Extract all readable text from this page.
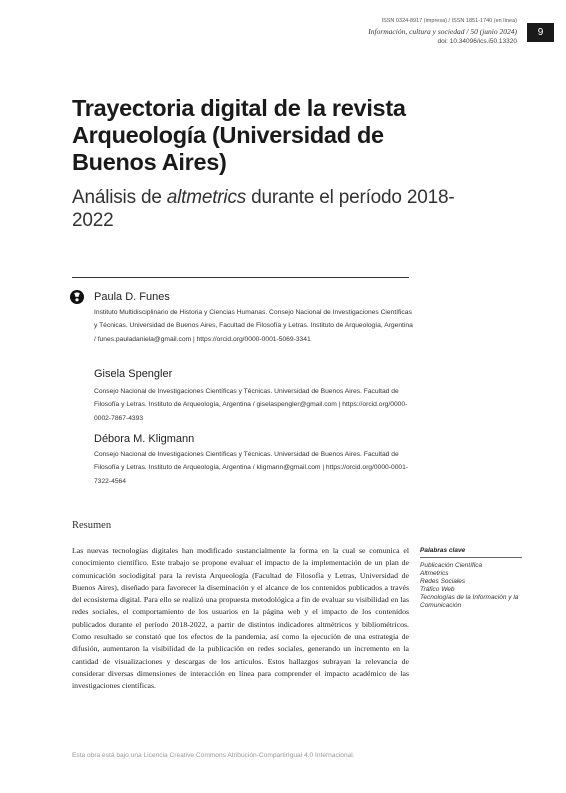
ISSN 0324-8917 (impresa) / ISSN 1851-1740 (en línea)
Información, cultura y sociedad / 50 (junio 2024)
doi: 10.34096/ics.i50.13320
9
Trayectoria digital de la revista Arqueología (Universidad de Buenos Aires)
Análisis de altmetrics durante el período 2018-2022
Paula D. Funes
Instituto Multidisciplinario de Historia y Ciencias Humanas. Consejo Nacional de Investigaciones Científicas y Técnicas. Universidad de Buenos Aires, Facultad de Filosofía y Letras. Instituto de Arqueología, Argentina / funes.pauladaniela@gmail.com | https://orcid.org/0000-0001-5069-3341
Gisela Spengler
Consejo Nacional de Investigaciones Científicas y Técnicas. Universidad de Buenos Aires. Facultad de Filosofía y Letras. Instituto de Arqueología, Argentina / giselaspengler@gmail.com | https://orcid.org/0000-0002-7867-4393
Débora M. Kligmann
Consejo Nacional de Investigaciones Científicas y Técnicas. Universidad de Buenos Aires. Facultad de Filosofía y Letras. Instituto de Arqueología, Argentina / kligmann@gmail.com | https://orcid.org/0000-0001-7322-4564
Resumen
Las nuevas tecnologías digitales han modificado sustancialmente la forma en la cual se comunica el conocimiento científico. Este trabajo se propone evaluar el impacto de la implementación de un plan de comunicación sociodigital para la revista Arqueología (Facultad de Filosofía y Letras, Universidad de Buenos Aires), diseñado para favorecer la diseminación y el alcance de los contenidos publicados a través del ecosistema digital. Para ello se realizó una propuesta metodológica a fin de evaluar su visibilidad en las redes sociales, el comportamiento de los usuarios en la página web y el impacto de los contenidos publicados durante el período 2018-2022, a partir de distintos indicadores altmétricos y bibliométricos. Como resultado se constató que los efectos de la pandemia, así como la ejecución de una estrategia de difusión, aumentaron la visibilidad de la publicación en redes sociales, generando un incremento en la cantidad de visualizaciones y descargas de los artículos. Estos hallazgos subrayan la relevancia de considerar diversas dimensiones de interacción en línea para comprender el impacto académico de las investigaciones científicas.
Palabras clave
Publicación Científica
Altmetrics
Redes Sociales
Tráfico Web
Tecnologías de la Información y la Comunicación
Esta obra está bajo una Licencia Creative Commons Atribución-CompartirIgual 4.0 Internacional.
